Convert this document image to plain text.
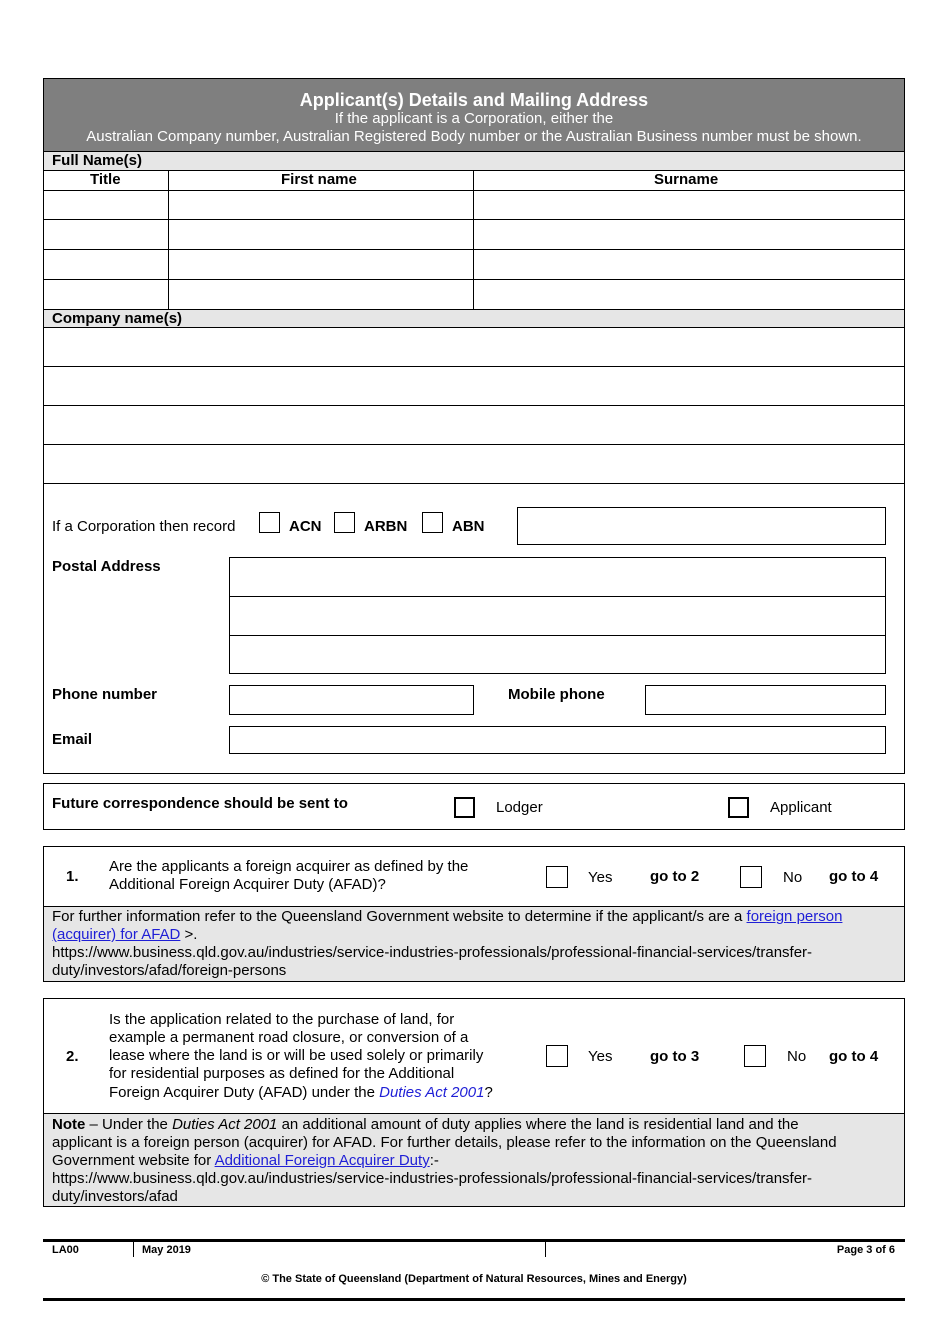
Applicant(s) Details and Mailing Address
If the applicant is a Corporation, either the
Australian Company number, Australian Registered Body number or the Australian Business number must be shown.
Full Name(s)
Title	First name	Surname
Company name(s)
If a Corporation then record	ACN	ARBN	ABN
Postal Address
Phone number	Mobile phone
Email
Future correspondence should be sent to	Lodger	Applicant
1.
Are the applicants a foreign acquirer as defined by the
Additional Foreign Acquirer Duty (AFAD)?	Yes	go to 2	No go to 4
For further information refer to the Queensland Government website to determine if the applicant/s are a foreign person
(acquirer) for AFAD >.
https://www.business.qld.gov.au/industries/service-industries-professionals/professional-financial-services/transfer-
duty/investors/afad/foreign-persons
2.
Is the application related to the purchase of land, for
example a permanent road closure, or conversion of a
lease where the land is or will be used solely or primarily
for residential purposes as defined for the Additional
Foreign Acquirer Duty (AFAD) under the Duties Act 2001?
Yes	go to 3	No go to 4
Note – Under the Duties Act 2001 an additional amount of duty applies where the land is residential land and the
applicant is a foreign person (acquirer) for AFAD. For further details, please refer to the information on the Queensland
Government website for Additional Foreign Acquirer Duty:-
https://www.business.qld.gov.au/industries/service-industries-professionals/professional-financial-services/transfer-
duty/investors/afad
LA00	May 2019	Page 3 of 6
© The State of Queensland (Department of Natural Resources, Mines and Energy)
